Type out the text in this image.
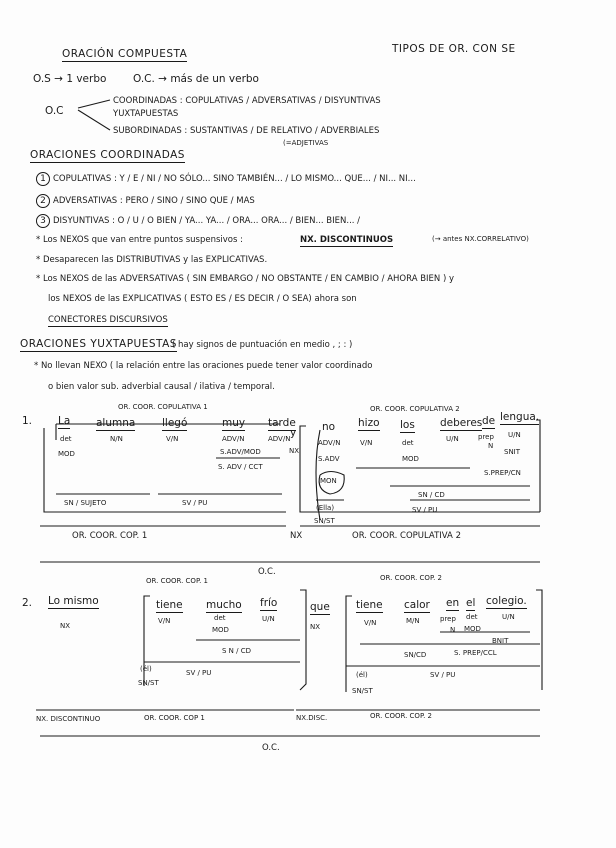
ORACIÓN COMPUESTA	TIPOS DE OR. CON SE
O.S → 1 verbo	O.C. → más de un verbo
O.C
COORDINADAS : COPULATIVAS / ADVERSATIVAS / DISYUNTIVAS
YUXTAPUESTAS
SUBORDINADAS : SUSTANTIVAS / DE RELATIVO / ADVERBIALES
(=ADJETIVAS
ORACIONES COORDINADAS
1 COPULATIVAS : Y / E / NI / NO SÓLO... SINO TAMBIÉN... / LO MISMO... QUE... / NI... NI...
2 ADVERSATIVAS : PERO / SINO / SINO QUE / MAS
3 DISYUNTIVAS : O / U / O BIEN / YA... YA... / ORA... ORA... / BIEN... BIEN... /
* Los NEXOS que van entre puntos suspensivos :	NX. DISCONTINUOS	(→ antes NX.CORRELATIVO)
* Desaparecen las DISTRIBUTIVAS y las EXPLICATIVAS.
* Los NEXOS de las ADVERSATIVAS ( SIN EMBARGO / NO OBSTANTE / EN CAMBIO / AHORA BIEN ) y
los NEXOS de las EXPLICATIVAS ( ESTO ES / ES DECIR / O SEA) ahora son
CONECTORES DISCURSIVOS
ORACIONES YUXTAPUESTAS
( hay signos de puntuación en medio , ; : )
* No llevan NEXO ( la relación entre las oraciones puede tener valor coordinado
o bien valor sub. adverbial causal / ilativa / temporal.
1.
OR. COOR. COPULATIVA 1	OR. COOR. COPULATIVA 2
La alumna	llegó	muy tarde
y no hizo los deberes de lengua.
det
MOD
N/N	V/N	ADV/N	ADV/N
S.ADV/MOD
S. ADV / CCT
NX
ADV/N
S.ADV
MON
V/N	det
MOD
U/N	prep
N
U/N
SNIT
S.PREP/CN
SN / CD
SV / PU
(Ella)
SN/ST
SN / SUJETO	SV / PU
OR. COOR. COP. 1	NX	OR. COOR. COPULATIVA 2
O.C.
OR. COOR. COP. 1	OR. COOR. COP. 2
2. Lo mismo
NX
tiene mucho frío	que tiene calor en el colegio.
V/N	det
MOD
U/N
NX	V/N	M/N	prep
N
det
MOD
U/N
BNIT
S N / CD
(él)
SN/ST
SV / PU
SN/CD	S. PREP/CCL
(él)
SN/ST
SV / PU
NX. DISCONTINUO	OR. COOR. COP 1	NX.DISC.	OR. COOR. COP. 2
O.C.
